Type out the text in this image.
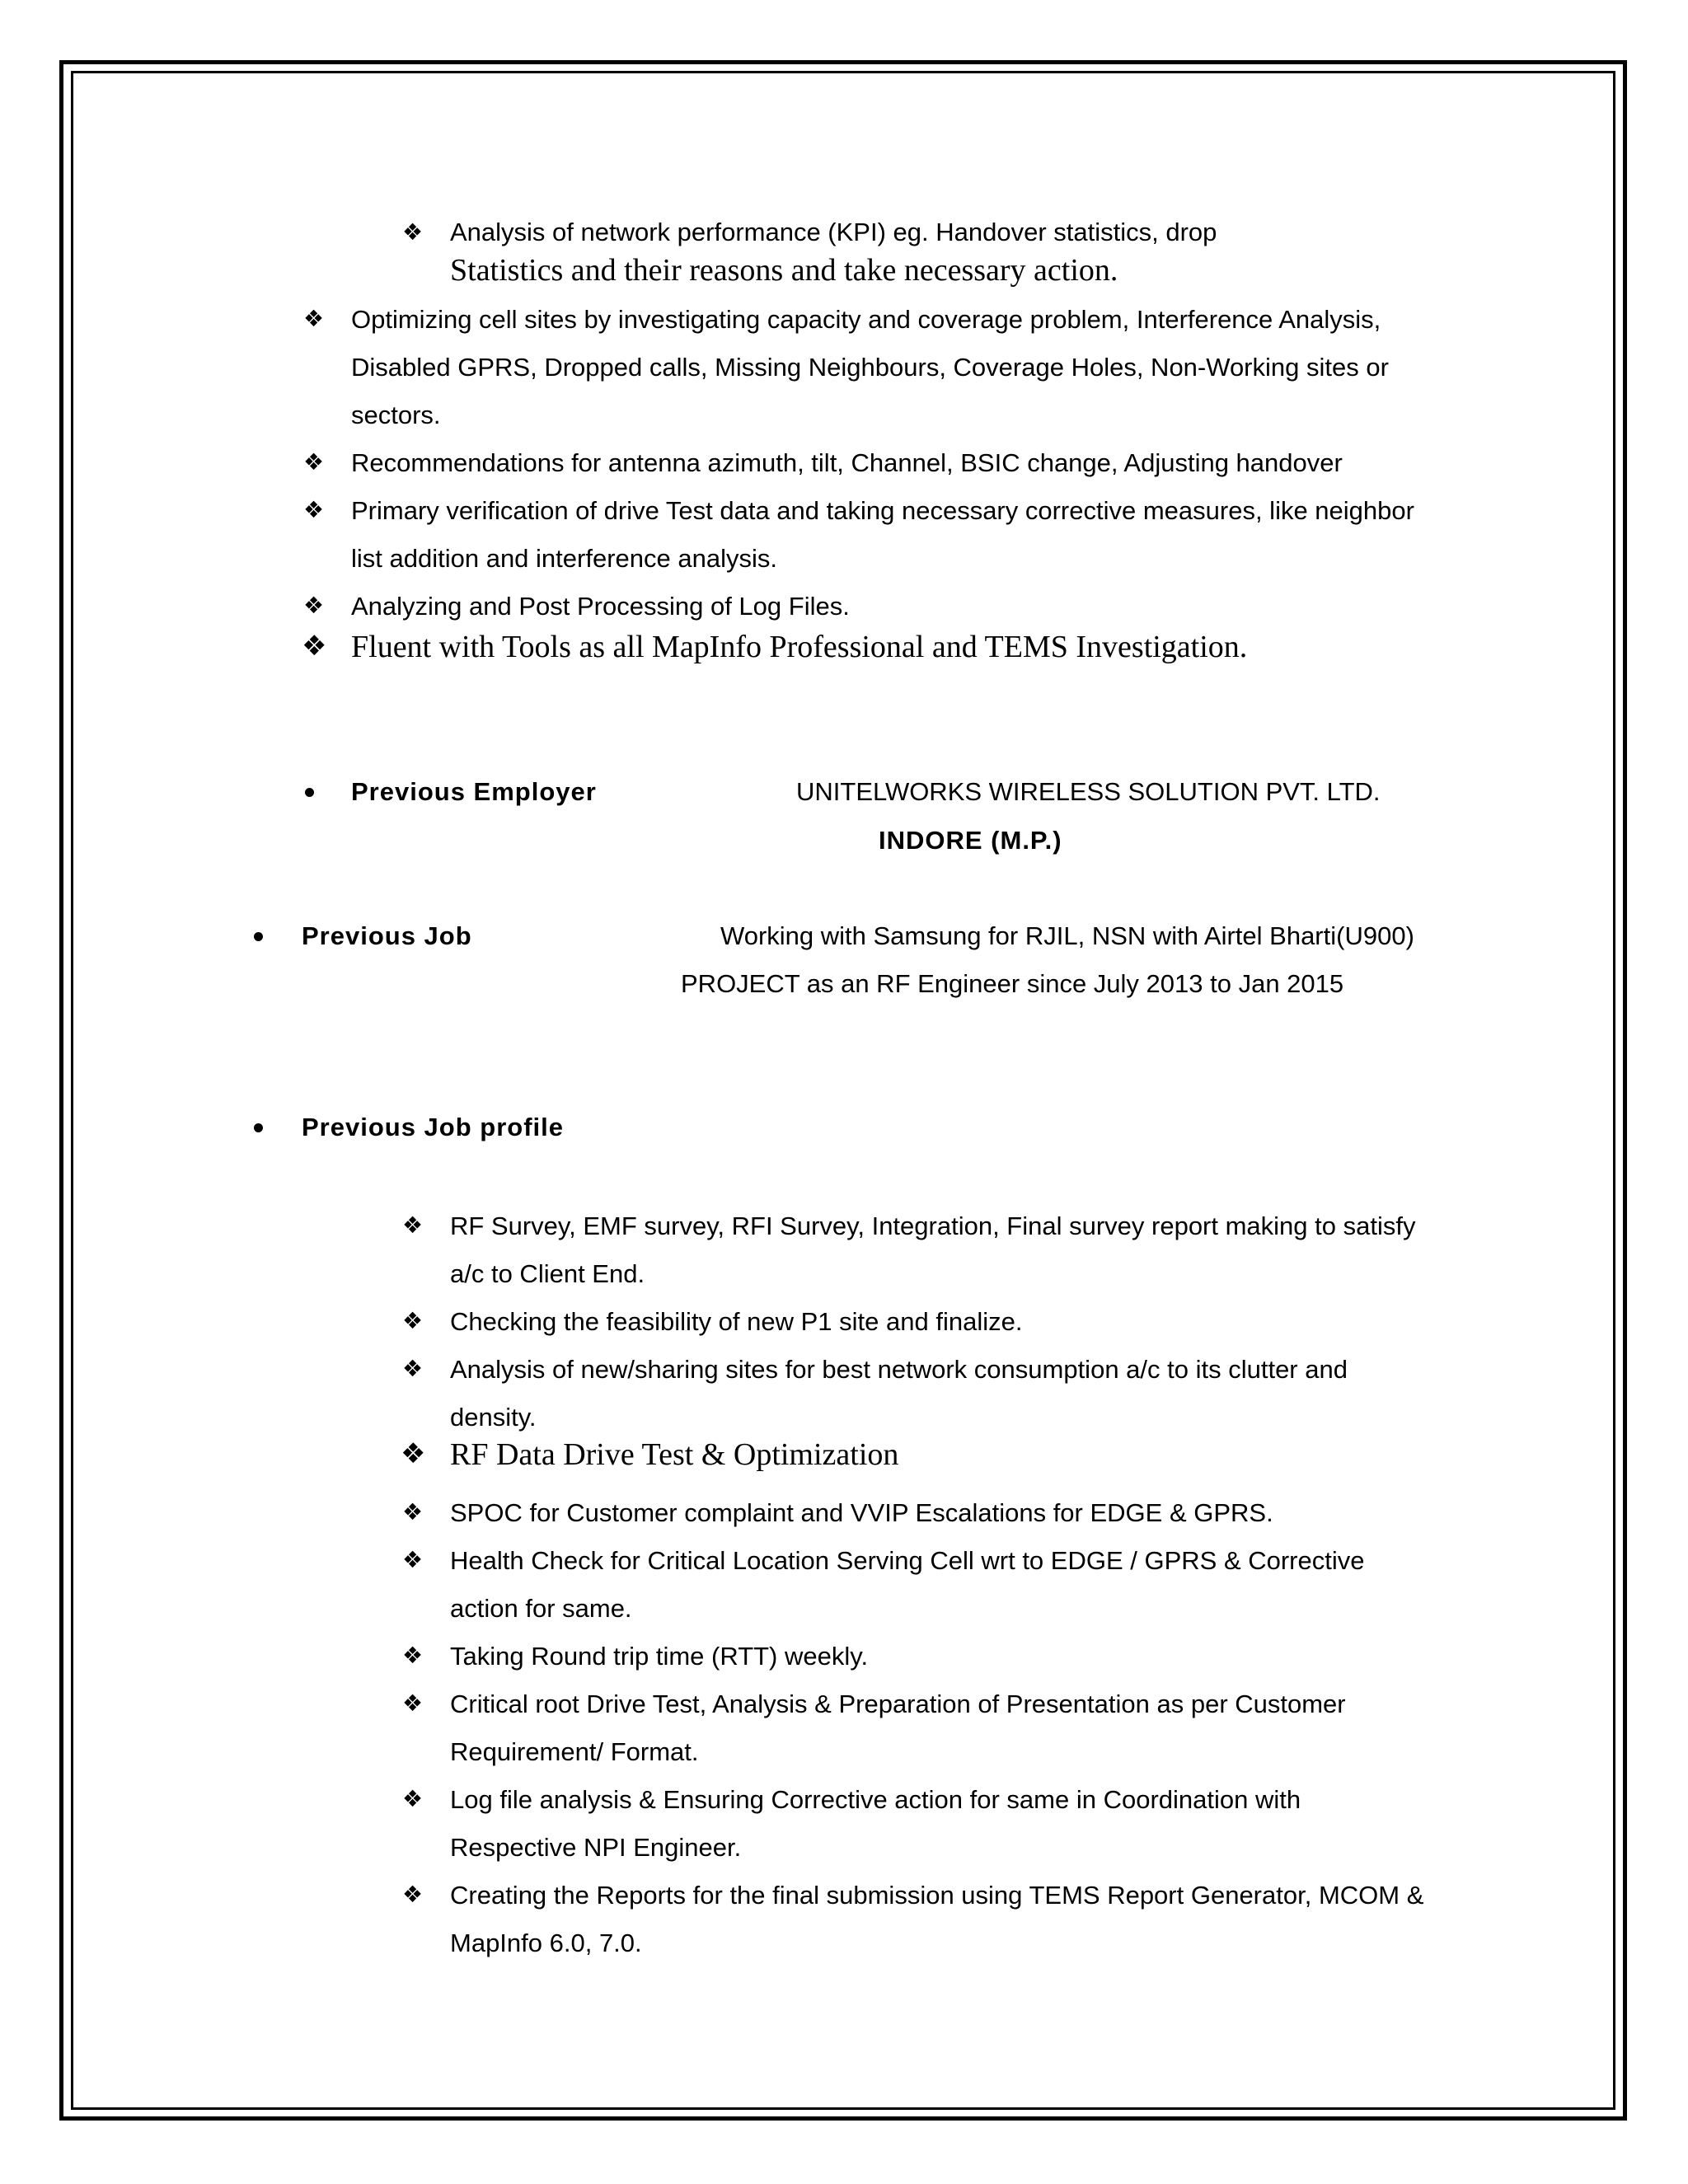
❖ Analysis of network performance (KPI) eg. Handover statistics, drop
Statistics and their reasons and take necessary action.
❖ Optimizing cell sites by investigating capacity and coverage problem, Interference Analysis,
Disabled GPRS, Dropped calls, Missing Neighbours, Coverage Holes, Non-Working sites or
sectors.
❖ Recommendations for antenna azimuth, tilt, Channel, BSIC change, Adjusting handover
❖ Primary verification of drive Test data and taking necessary corrective measures, like neighbor
list addition and interference analysis.
❖ Analyzing and Post Processing of Log Files.
❖ Fluent with Tools as all MapInfo Professional and TEMS Investigation.
Previous Employer	UNITELWORKS WIRELESS SOLUTION PVT. LTD.
INDORE (M.P.)
Previous Job	Working with Samsung for RJIL, NSN with Airtel Bharti(U900)
PROJECT as an RF Engineer since July 2013 to Jan 2015
Previous Job profile
❖ RF Survey, EMF survey, RFI Survey, Integration, Final survey report making to satisfy
a/c to Client End.
❖ Checking the feasibility of new P1 site and finalize.
❖ Analysis of new/sharing sites for best network consumption a/c to its clutter and
density.
❖ RF Data Drive Test & Optimization
❖ SPOC for Customer complaint and VVIP Escalations for EDGE & GPRS.
❖ Health Check for Critical Location Serving Cell wrt to EDGE / GPRS & Corrective
action for same.
❖ Taking Round trip time (RTT) weekly.
❖ Critical root Drive Test, Analysis & Preparation of Presentation as per Customer
Requirement/ Format.
❖ Log file analysis & Ensuring Corrective action for same in Coordination with
Respective NPI Engineer.
❖ Creating the Reports for the final submission using TEMS Report Generator, MCOM &
MapInfo 6.0, 7.0.
